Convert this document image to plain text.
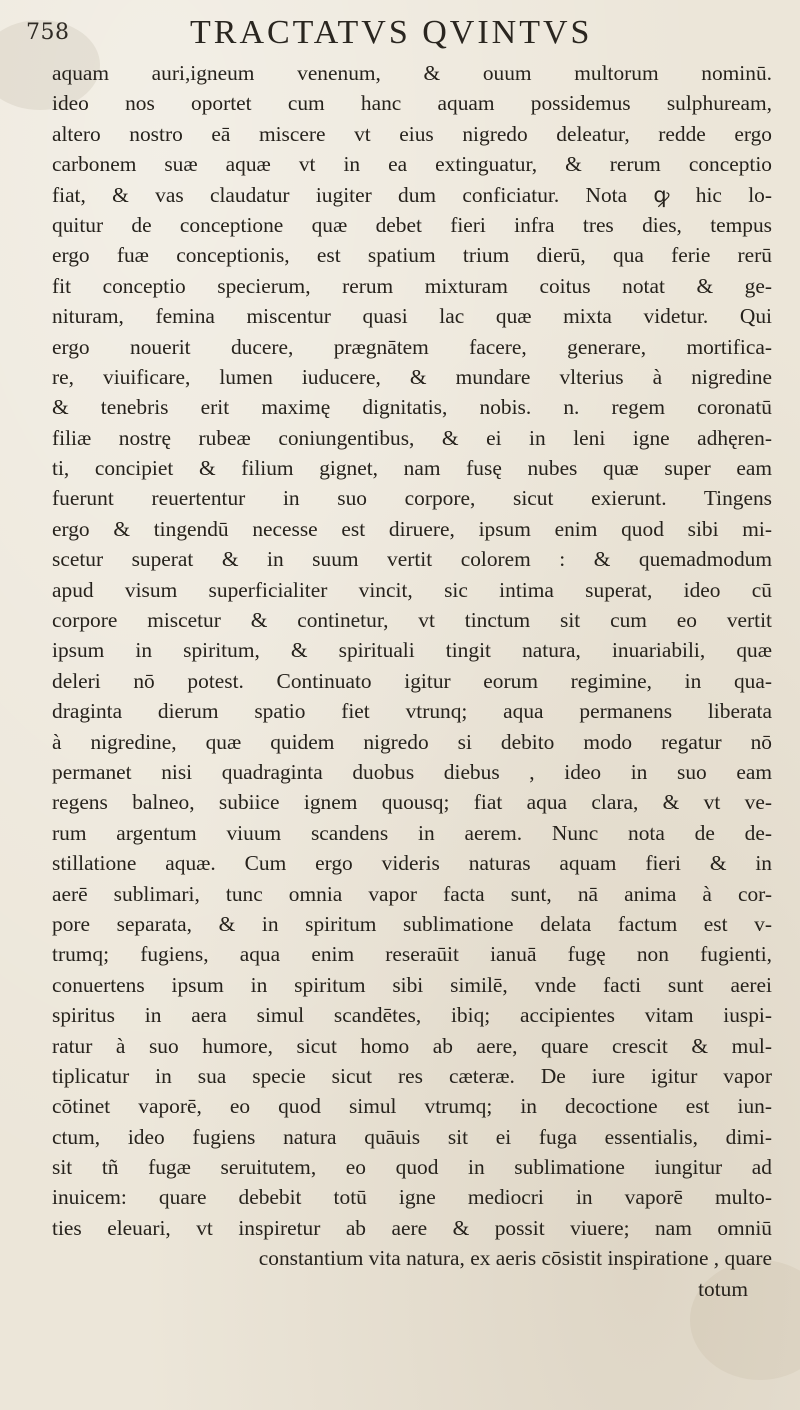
758	TRACTATVS QVINTVS
aquam auri,igneum venenum, & ouum multorum nominū.
ideo nos oportet cum hanc aquam possidemus sulphuream,
altero nostro eā miscere vt eius nigredo deleatur, redde ergo
carbonem suæ aquæ vt in ea extinguatur, & rerum conceptio
fiat, & vas claudatur iugiter dum conficiatur. Nota ꝙ hic lo-
quitur de conceptione quæ debet fieri infra tres dies, tempus
ergo fuæ conceptionis, est spatium trium dierū, qua ferie rerū
fit conceptio specierum, rerum mixturam coitus notat & ge-
nituram, femina miscentur quasi lac quæ mixta videtur. Qui
ergo nouerit ducere, prægnātem facere, generare, mortifica-
re, viuificare, lumen iuducere, & mundare vlterius à nigredine
& tenebris erit maximę dignitatis, nobis. n. regem coronatū
filiæ nostrę rubeæ coniungentibus, & ei in leni igne adhęren-
ti, concipiet & filium gignet, nam fusę nubes quæ super eam
fuerunt reuertentur in suo corpore, sicut exierunt. Tingens
ergo & tingendū necesse est diruere, ipsum enim quod sibi mi-
scetur superat & in suum vertit colorem : & quemadmodum
apud visum superficialiter vincit, sic intima superat, ideo cū
corpore miscetur & continetur, vt tinctum sit cum eo vertit
ipsum in spiritum, & spirituali tingit natura, inuariabili, quæ
deleri nō potest. Continuato igitur eorum regimine, in qua-
draginta dierum spatio fiet vtrunq; aqua permanens liberata
à nigredine, quæ quidem nigredo si debito modo regatur nō
permanet nisi quadraginta duobus diebus , ideo in suo eam
regens balneo, subiice ignem quousq; fiat aqua clara, & vt ve-
rum argentum viuum scandens in aerem. Nunc nota de de-
stillatione aquæ. Cum ergo videris naturas aquam fieri & in
aerē sublimari, tunc omnia vapor facta sunt, nā anima à cor-
pore separata, & in spiritum sublimatione delata factum est v-
trumq; fugiens, aqua enim reseraūit ianuā fugę non fugienti,
conuertens ipsum in spiritum sibi similē, vnde facti sunt aerei
spiritus in aera simul scandētes, ibiq; accipientes vitam iuspi-
ratur à suo humore, sicut homo ab aere, quare crescit & mul-
tiplicatur in sua specie sicut res cæteræ. De iure igitur vapor
cōtinet vaporē, eo quod simul vtrumq; in decoctione est iun-
ctum, ideo fugiens natura quāuis sit ei fuga essentialis, dimi-
sit tñ fugæ seruitutem, eo quod in sublimatione iungitur ad
inuicem: quare debebit totū igne mediocri in vaporē multo-
ties eleuari, vt inspiretur ab aere & possit viuere; nam omniū
constantium vita natura, ex aeris cōsistit inspiratione , quare
totum
